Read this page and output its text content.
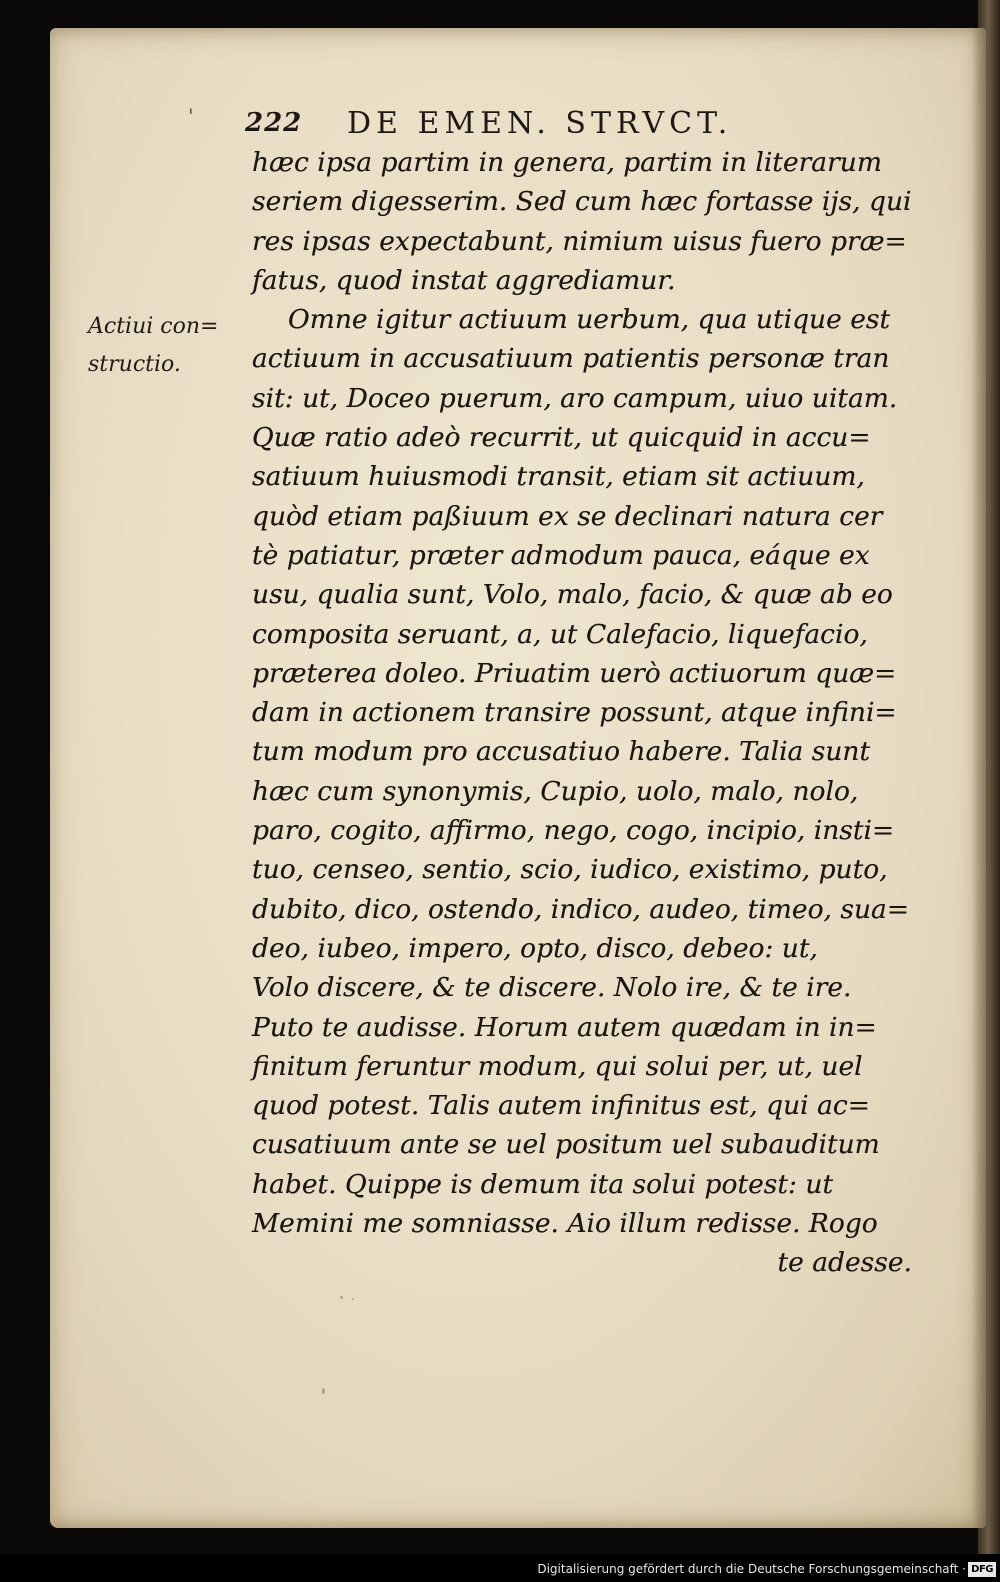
' 222 DE EMEN. STRVCT.
Actiui con=
structio.
hæc ipsa partim in genera, partim in literarum
seriem digesserim. Sed cum hæc fortasse ijs, qui
res ipsas expectabunt, nimium uisus fuero præ=
fatus, quod instat aggrediamur.
Omne igitur actiuum uerbum, qua utique est
actiuum in accusatiuum patientis personæ tran
sit: ut, Doceo puerum, aro campum, uiuo uitam.
Quæ ratio adeò recurrit, ut quicquid in accu=
satiuum huiusmodi transit, etiam sit actiuum,
quòd etiam paßiuum ex se declinari natura cer
tè patiatur, præter admodum pauca, eáque ex
usu, qualia sunt, Volo, malo, facio, & quæ ab eo
composita seruant, a, ut Calefacio, liquefacio,
præterea doleo. Priuatim uerò actiuorum quæ=
dam in actionem transire possunt, atque infini=
tum modum pro accusatiuo habere. Talia sunt
hæc cum synonymis, Cupio, uolo, malo, nolo,
paro, cogito, affirmo, nego, cogo, incipio, insti=
tuo, censeo, sentio, scio, iudico, existimo, puto,
dubito, dico, ostendo, indico, audeo, timeo, sua=
deo, iubeo, impero, opto, disco, debeo: ut,
Volo discere, & te discere. Nolo ire, & te ire.
Puto te audisse. Horum autem quædam in in=
finitum feruntur modum, qui solui per, ut, uel
quod potest. Talis autem infinitus est, qui ac=
cusatiuum ante se uel positum uel subauditum
habet. Quippe is demum ita solui potest: ut
Memini me somniasse. Aio illum redisse. Rogo
te adesse.
Digitalisierung gefördert durch die Deutsche Forschungsgemeinschaft · DFG
